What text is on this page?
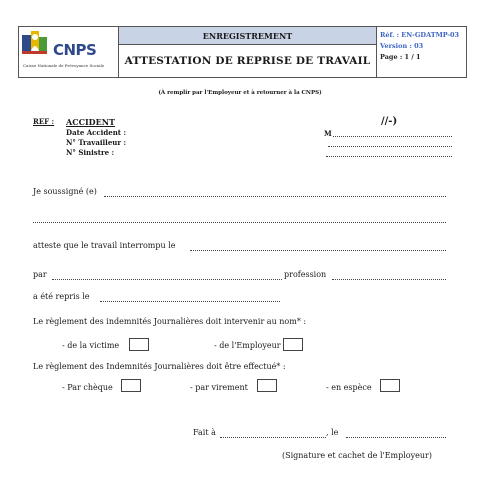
CNPS
Caisse Nationale de Prévoyance Sociale
ENREGISTREMENT
ATTESTATION DE REPRISE DE TRAVAIL
Réf. : EN-GDATMP-03
Version : 03
Page : 1 / 1
(À remplir par l'Employeur et à retourner à la CNPS)
REF : ACCIDENT
Date Accident :
N° Travailleur :
N° Sinistre :
//-)
M
Je soussigné (e)
atteste que le travail interrompu le
par	profession
a été repris le
Le règlement des indemnités Journalières doit intervenir au nom* :
- de la victime	- de l'Employeur
Le règlement des Indemnités Journalières doit être effectué* :
- Par chèque	- par virement	- en espèce
Fait à	, le
(Signature et cachet de l'Employeur)
